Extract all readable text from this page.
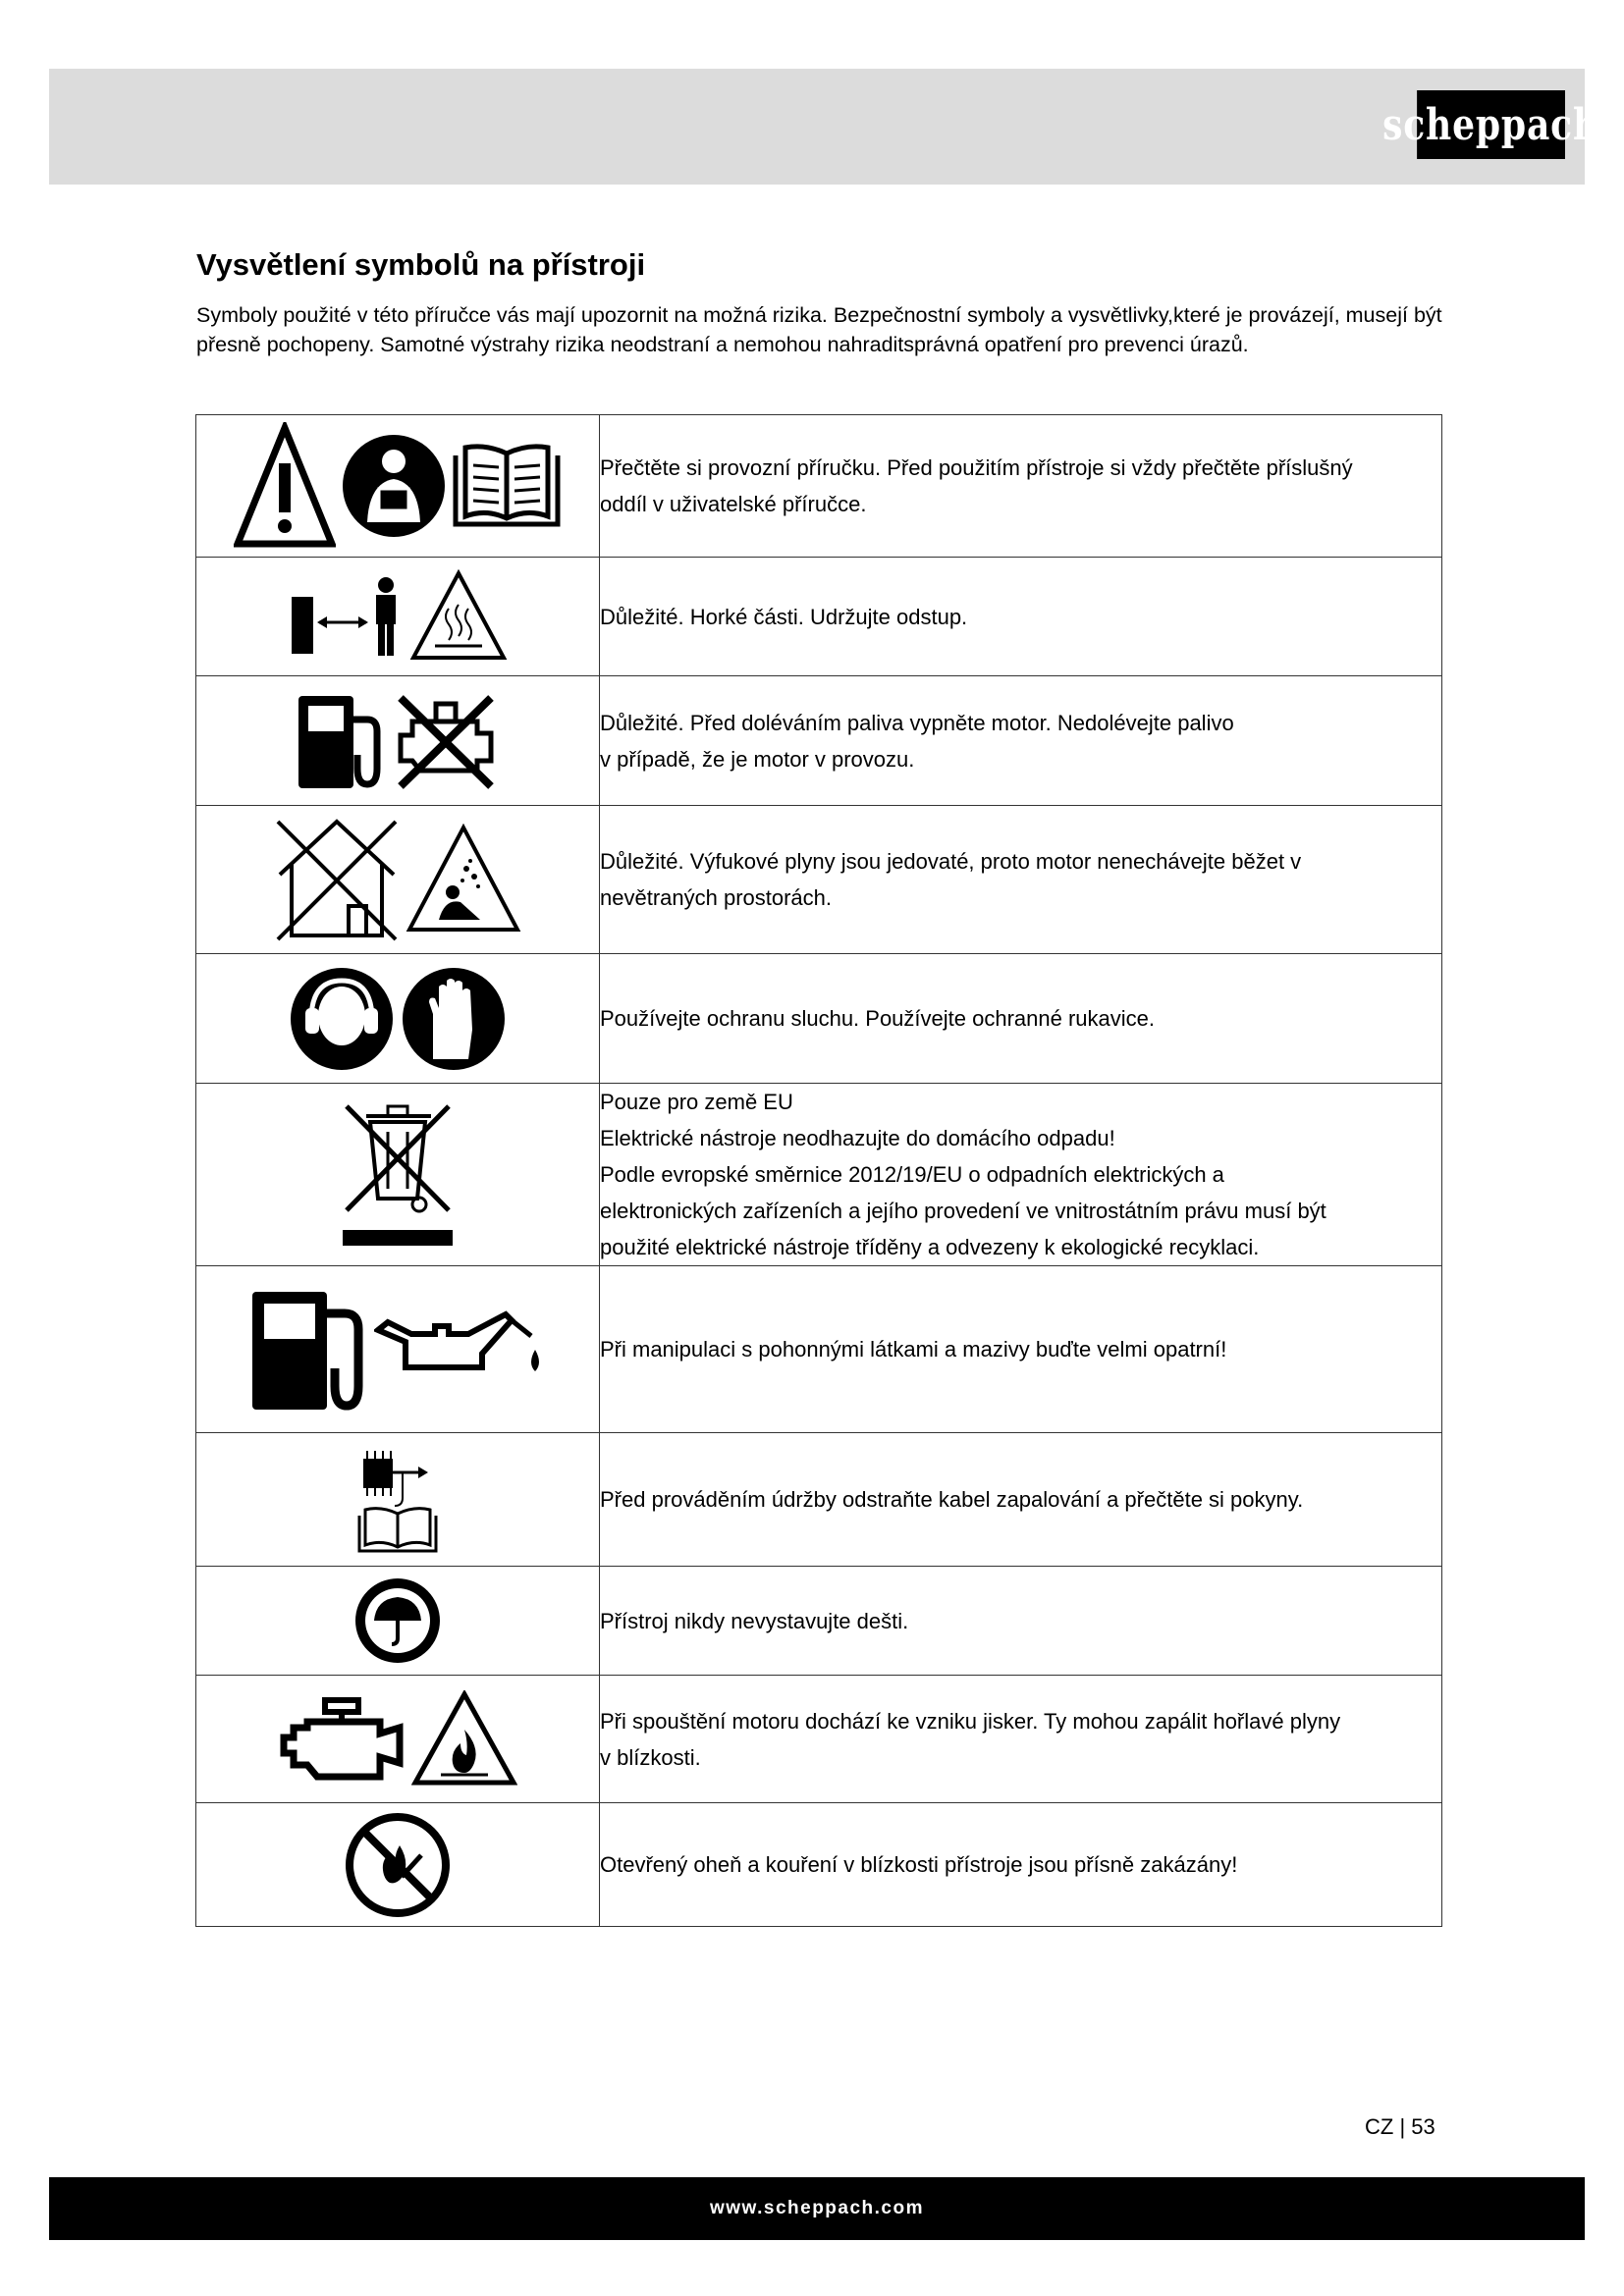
scheppach
Vysvětlení symbolů na přístroji

Symboly použité v této příručce vás mají upozornit na možná rizika. Bezpečnostní symboly a vysvětlivky,které je provázejí, musejí být přesně pochopeny. Samotné výstrahy rizika neodstraní a nemohou nahraditsprávná opatření pro prevenci úrazů.

Přečtěte si provozní příručku. Před použitím přístroje si vždy přečtěte příslušný
oddíl v uživatelské příručce.

Důležité. Horké části. Udržujte odstup.

Důležité. Před doléváním paliva vypněte motor. Nedolévejte palivo
v případě, že je motor v provozu.

Důležité. Výfukové plyny jsou jedovaté, proto motor nenechávejte běžet v
nevětraných prostorách.

Používejte ochranu sluchu. Používejte ochranné rukavice.

Pouze pro země EU
Elektrické nástroje neodhazujte do domácího odpadu!
Podle evropské směrnice 2012/19/EU o odpadních elektrických a
elektronických zařízeních a jejího provedení ve vnitrostátním právu musí být
použité elektrické nástroje tříděny a odvezeny k ekologické recyklaci.

Při manipulaci s pohonnými látkami a mazivy buďte velmi opatrní!

Před prováděním údržby odstraňte kabel zapalování a přečtěte si pokyny.

Přístroj nikdy nevystavujte dešti.

Při spouštění motoru dochází ke vzniku jisker. Ty mohou zapálit hořlavé plyny
v blízkosti.

Otevřený oheň a kouření v blízkosti přístroje jsou přísně zakázány!
CZ | 53
www.scheppach.com
